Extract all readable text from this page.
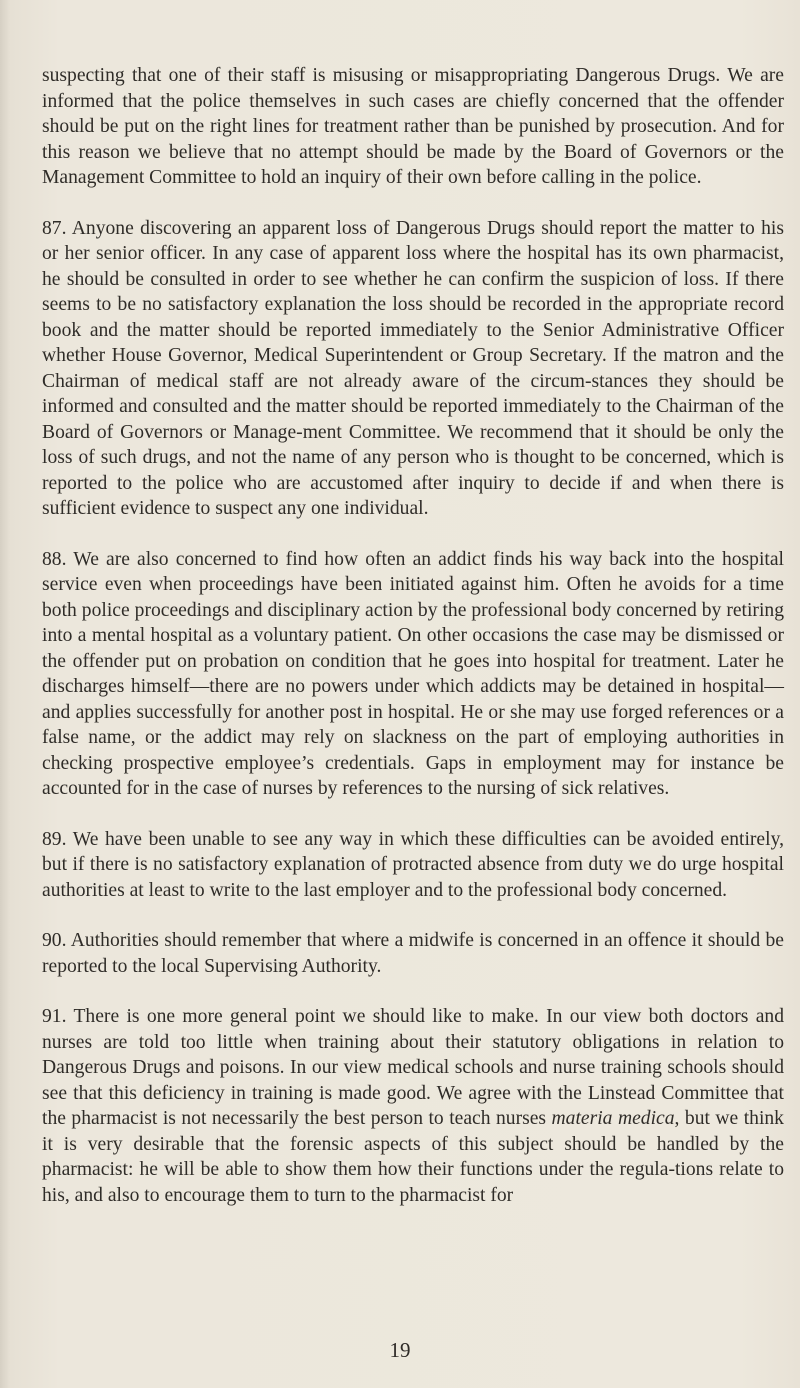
suspecting that one of their staff is misusing or misappropriating Dangerous Drugs. We are informed that the police themselves in such cases are chiefly concerned that the offender should be put on the right lines for treatment rather than be punished by prosecution. And for this reason we believe that no attempt should be made by the Board of Governors or the Management Committee to hold an inquiry of their own before calling in the police.

87. Anyone discovering an apparent loss of Dangerous Drugs should report the matter to his or her senior officer. In any case of apparent loss where the hospital has its own pharmacist, he should be consulted in order to see whether he can confirm the suspicion of loss. If there seems to be no satisfactory explanation the loss should be recorded in the appropriate record book and the matter should be reported immediately to the Senior Administrative Officer whether House Governor, Medical Superintendent or Group Secretary. If the matron and the Chairman of medical staff are not already aware of the circum-stances they should be informed and consulted and the matter should be reported immediately to the Chairman of the Board of Governors or Manage-ment Committee. We recommend that it should be only the loss of such drugs, and not the name of any person who is thought to be concerned, which is reported to the police who are accustomed after inquiry to decide if and when there is sufficient evidence to suspect any one individual.

88. We are also concerned to find how often an addict finds his way back into the hospital service even when proceedings have been initiated against him. Often he avoids for a time both police proceedings and disciplinary action by the professional body concerned by retiring into a mental hospital as a voluntary patient. On other occasions the case may be dismissed or the offender put on probation on condition that he goes into hospital for treatment. Later he discharges himself—there are no powers under which addicts may be detained in hospital—and applies successfully for another post in hospital. He or she may use forged references or a false name, or the addict may rely on slackness on the part of employing authorities in checking prospective employee’s credentials. Gaps in employment may for instance be accounted for in the case of nurses by references to the nursing of sick relatives.

89. We have been unable to see any way in which these difficulties can be avoided entirely, but if there is no satisfactory explanation of protracted absence from duty we do urge hospital authorities at least to write to the last employer and to the professional body concerned.

90. Authorities should remember that where a midwife is concerned in an offence it should be reported to the local Supervising Authority.

91. There is one more general point we should like to make. In our view both doctors and nurses are told too little when training about their statutory obligations in relation to Dangerous Drugs and poisons. In our view medical schools and nurse training schools should see that this deficiency in training is made good. We agree with the Linstead Committee that the pharmacist is not necessarily the best person to teach nurses materia medica, but we think it is very desirable that the forensic aspects of this subject should be handled by the pharmacist: he will be able to show them how their functions under the regula-tions relate to his, and also to encourage them to turn to the pharmacist for

19
